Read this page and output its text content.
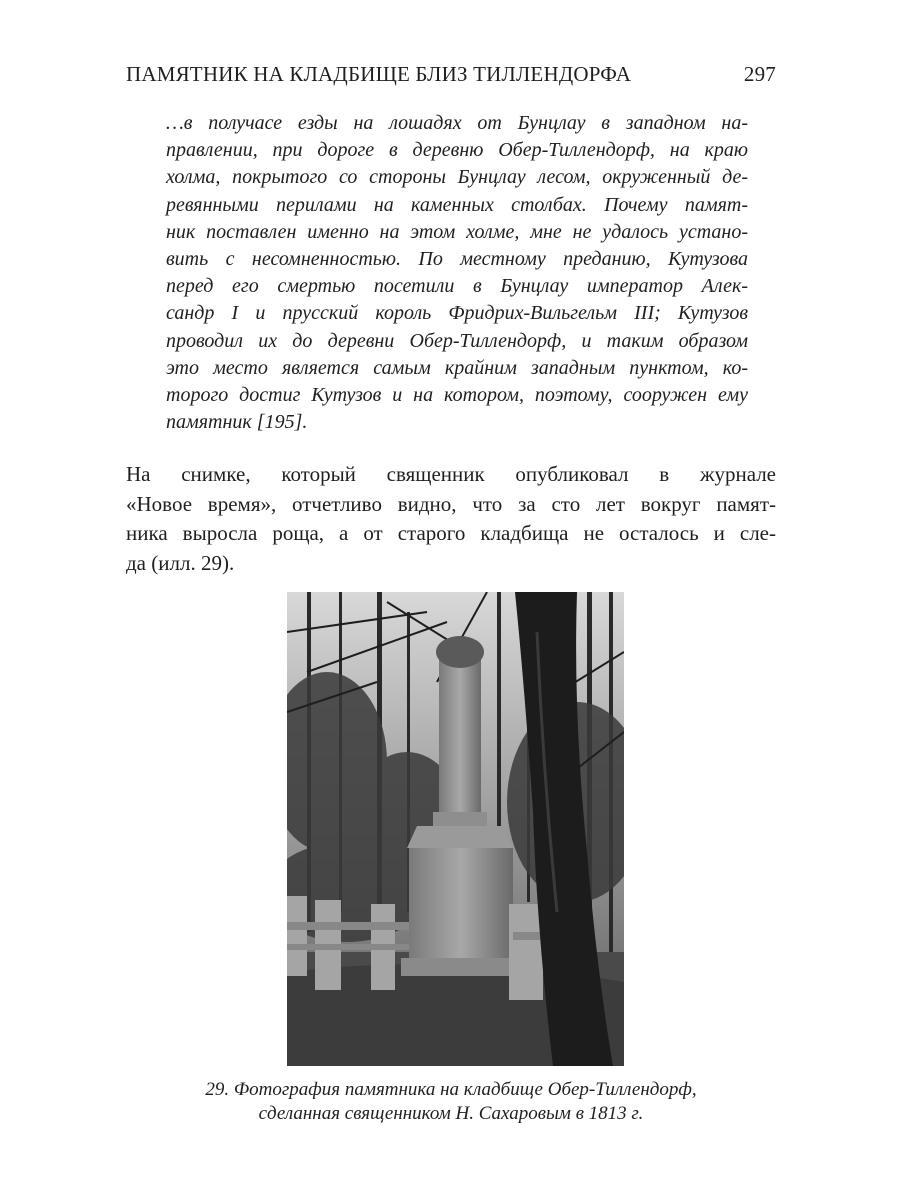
ПАМЯТНИК НА КЛАДБИЩЕ БЛИЗ ТИЛЛЕНДОРФА	297
…в получасе езды на лошадях от Бунцлау в западном на-
правлении, при дороге в деревню Обер-Тиллендорф, на краю
холма, покрытого со стороны Бунцлау лесом, окруженный де-
ревянными перилами на каменных столбах. Почему памят-
ник поставлен именно на этом холме, мне не удалось устано-
вить с несомненностью. По местному преданию, Кутузова
перед его смертью посетили в Бунцлау император Алек-
сандр I и прусский король Фридрих-Вильгельм III; Кутузов
проводил их до деревни Обер-Тиллендорф, и таким образом
это место является самым крайним западным пунктом, ко-
торого достиг Кутузов и на котором, поэтому, сооружен ему
памятник [195].
На снимке, который священник опубликовал в журнале
«Новое время», отчетливо видно, что за сто лет вокруг памят-
ника выросла роща, а от старого кладбища не осталось и сле-
да (илл. 29).
29. Фотография памятника на кладбище Обер-Тиллендорф,
сделанная священником Н. Сахаровым в 1813 г.
